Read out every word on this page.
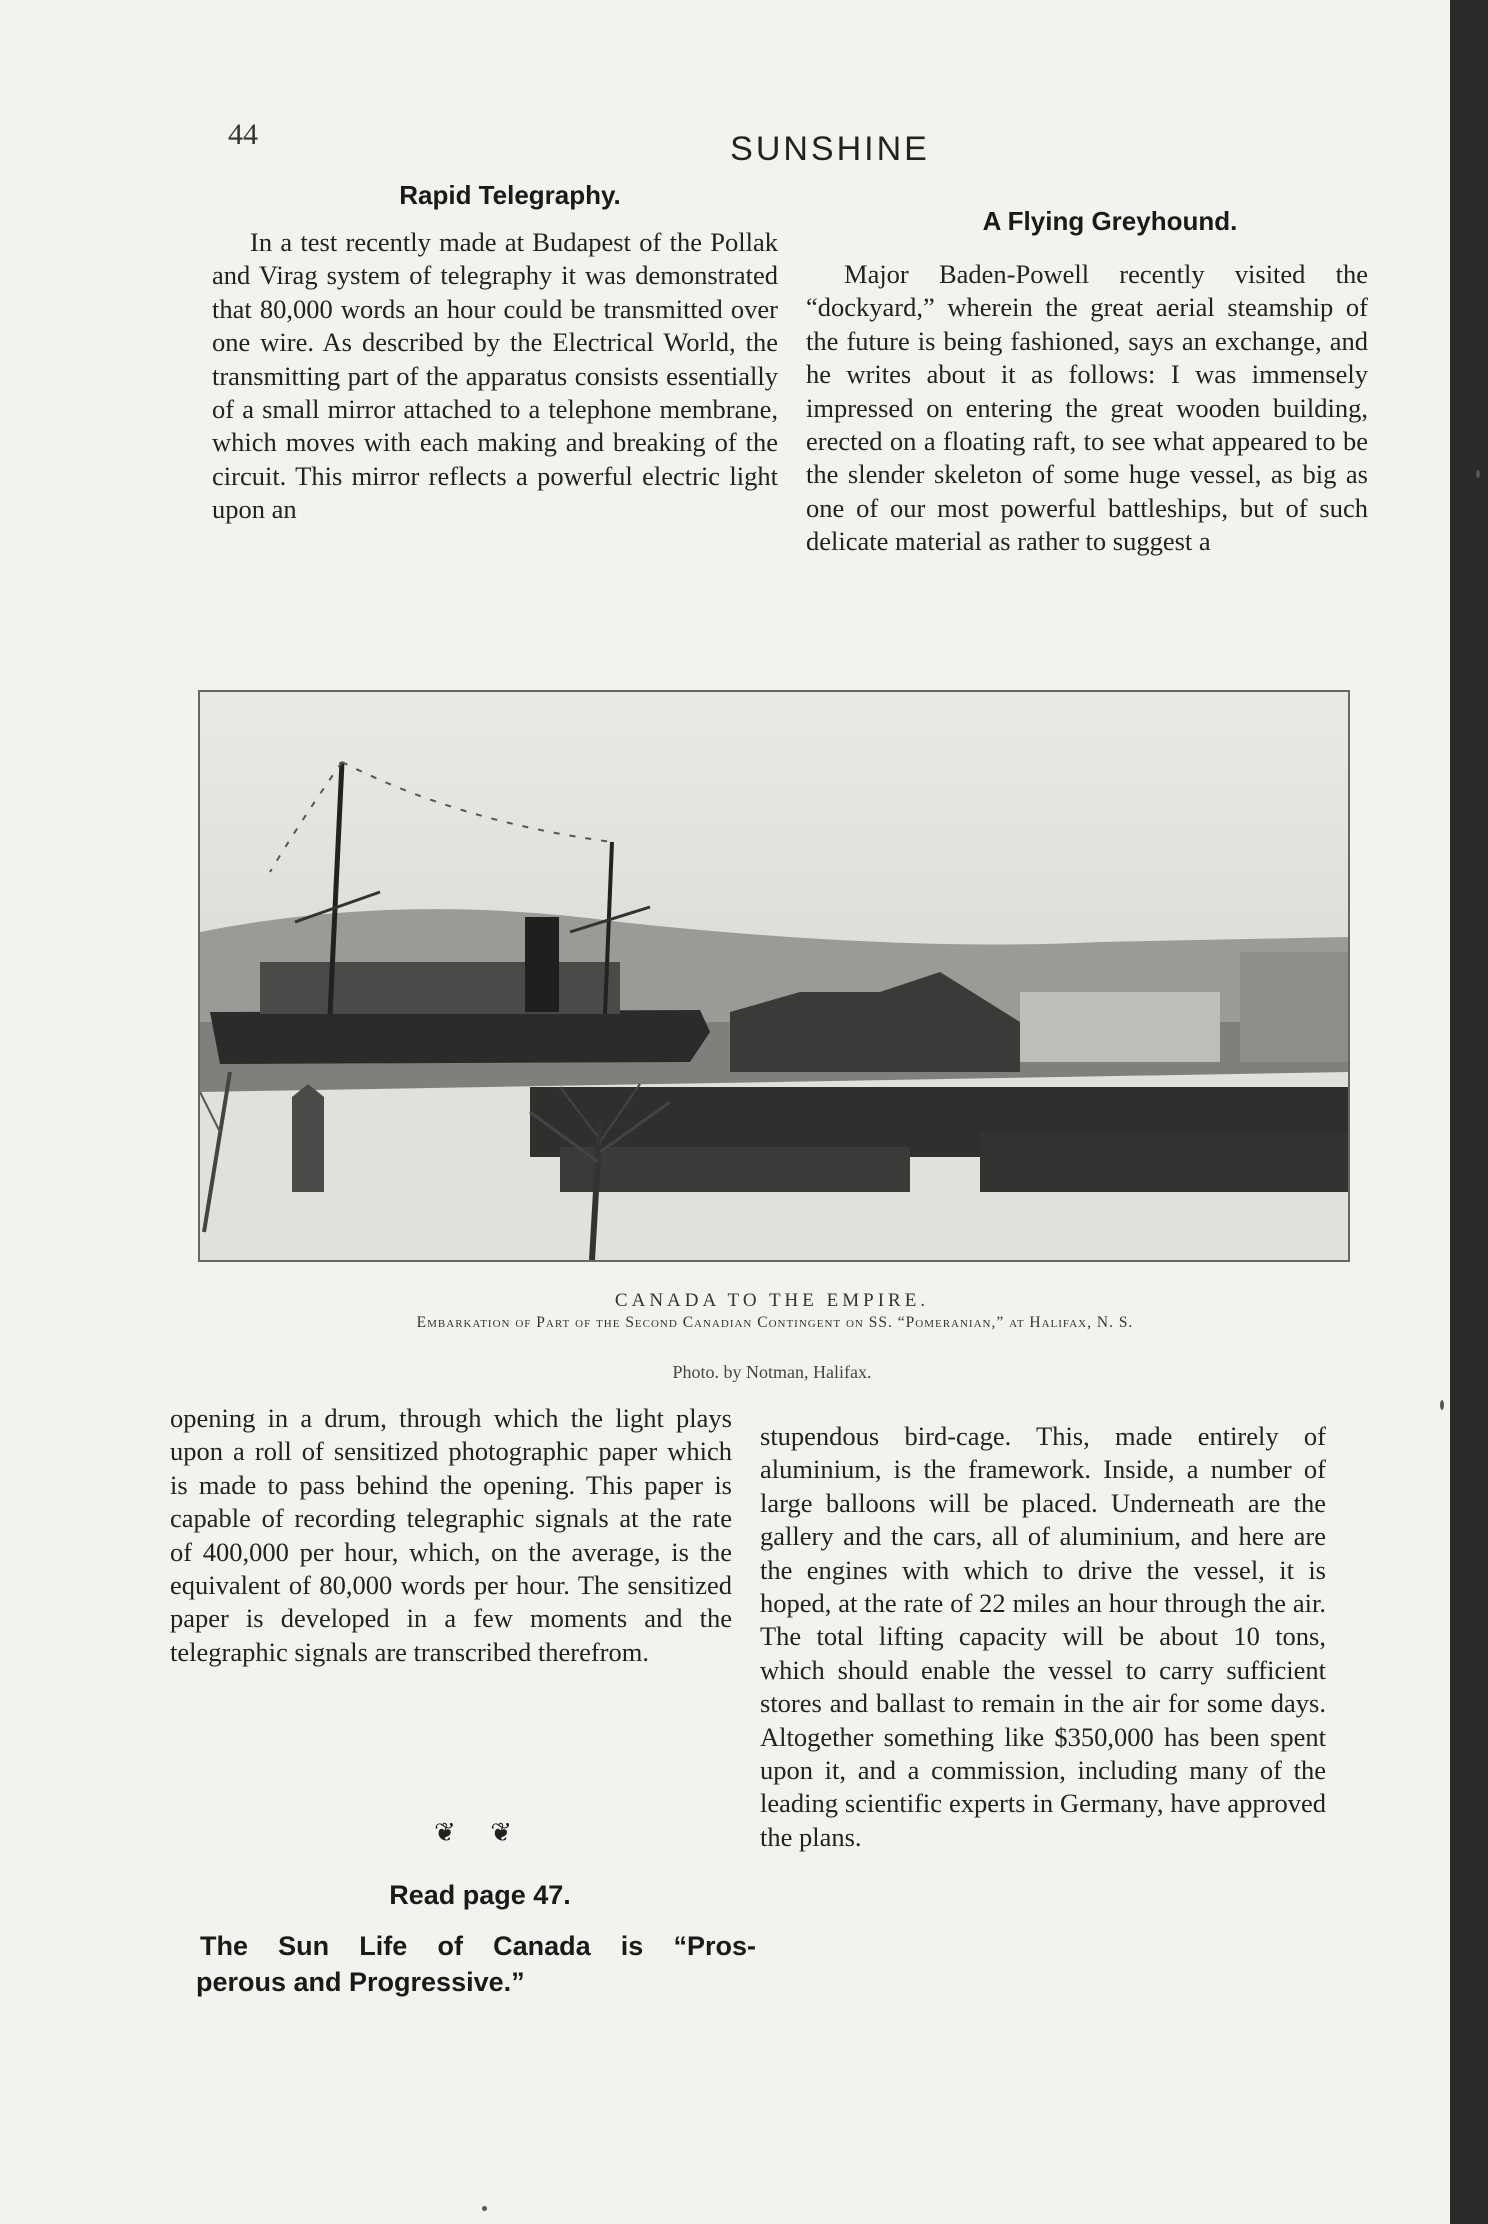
44	SUNSHINE
Rapid Telegraphy.

In a test recently made at Budapest of the Pollak and Virag system of telegraphy it was demonstrated that 80,000 words an hour could be transmitted over one wire. As described by the Electrical World, the transmitting part of the apparatus consists essentially of a small mirror attached to a telephone membrane, which moves with each making and breaking of the circuit. This mirror reflects a powerful electric light upon an

A Flying Greyhound.

Major Baden-Powell recently visited the “dockyard,” wherein the great aerial steamship of the future is being fashioned, says an exchange, and he writes about it as follows: I was immensely impressed on entering the great wooden building, erected on a floating raft, to see what appeared to be the slender skeleton of some huge vessel, as big as one of our most powerful battleships, but of such delicate material as rather to suggest a

CANADA TO THE EMPIRE.
Embarkation of Part of the Second Canadian Contingent on SS. “Pomeranian,” at Halifax, N. S.
Photo. by Notman, Halifax.

opening in a drum, through which the light plays upon a roll of sensitized photographic paper which is made to pass behind the opening. This paper is capable of recording telegraphic signals at the rate of 400,000 per hour, which, on the average, is the equivalent of 80,000 words per hour. The sensitized paper is developed in a few moments and the telegraphic signals are transcribed therefrom.

❦ ❦
Read page 47.
The Sun Life of Canada is “Pros-
perous and Progressive.”

stupendous bird-cage. This, made entirely of aluminium, is the framework. Inside, a number of large balloons will be placed. Underneath are the gallery and the cars, all of aluminium, and here are the engines with which to drive the vessel, it is hoped, at the rate of 22 miles an hour through the air. The total lifting capacity will be about 10 tons, which should enable the vessel to carry sufficient stores and ballast to remain in the air for some days. Altogether something like $350,000 has been spent upon it, and a commission, including many of the leading scientific experts in Germany, have approved the plans.
